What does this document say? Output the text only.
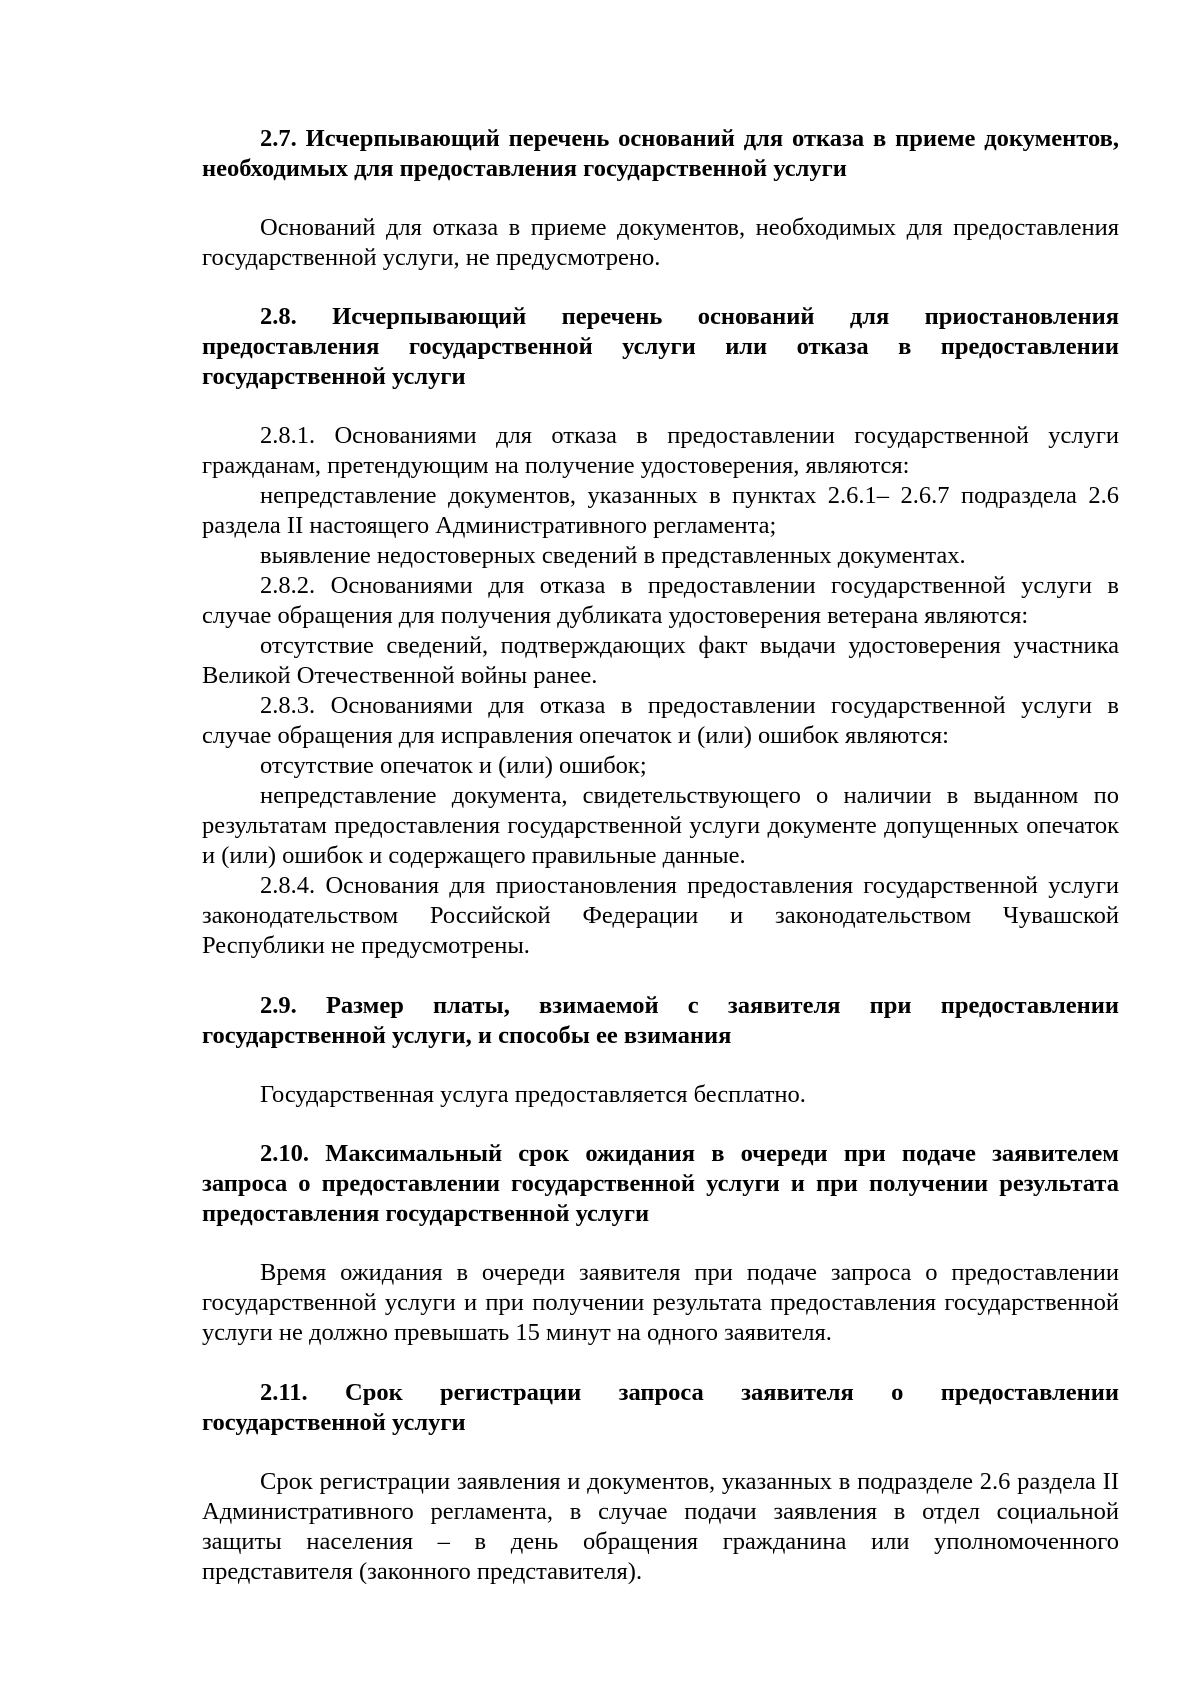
2.7. Исчерпывающий перечень оснований для отказа в приеме документов, необходимых для предоставления государственной услуги
Оснований для отказа в приеме документов, необходимых для предоставления государственной услуги, не предусмотрено.
2.8. Исчерпывающий перечень оснований для приостановления предоставления государственной услуги или отказа в предоставлении государственной услуги
2.8.1. Основаниями для отказа в предоставлении государственной услуги гражданам, претендующим на получение удостоверения, являются:
непредставление документов, указанных в пунктах 2.6.1– 2.6.7 подраздела 2.6 раздела II настоящего Административного регламента;
выявление недостоверных сведений в представленных документах.
2.8.2. Основаниями для отказа в предоставлении государственной услуги в случае обращения для получения дубликата удостоверения ветерана являются:
отсутствие сведений, подтверждающих факт выдачи удостоверения участника Великой Отечественной войны ранее.
2.8.3. Основаниями для отказа в предоставлении государственной услуги в случае обращения для исправления опечаток и (или) ошибок являются:
отсутствие опечаток и (или) ошибок;
непредставление документа, свидетельствующего о наличии в выданном по результатам предоставления государственной услуги документе допущенных опечаток и (или) ошибок и содержащего правильные данные.
2.8.4. Основания для приостановления предоставления государственной услуги законодательством Российской Федерации и законодательством Чувашской Республики не предусмотрены.
2.9. Размер платы, взимаемой с заявителя при предоставлении государственной услуги, и способы ее взимания
Государственная услуга предоставляется бесплатно.
2.10. Максимальный срок ожидания в очереди при подаче заявителем запроса о предоставлении государственной услуги и при получении результата предоставления государственной услуги
Время ожидания в очереди заявителя при подаче запроса о предоставлении государственной услуги и при получении результата предоставления государственной услуги не должно превышать 15 минут на одного заявителя.
2.11. Срок регистрации запроса заявителя о предоставлении государственной услуги
Срок регистрации заявления и документов, указанных в подразделе 2.6 раздела II Административного регламента, в случае подачи заявления в отдел социальной защиты населения – в день обращения гражданина или уполномоченного представителя (законного представителя).
